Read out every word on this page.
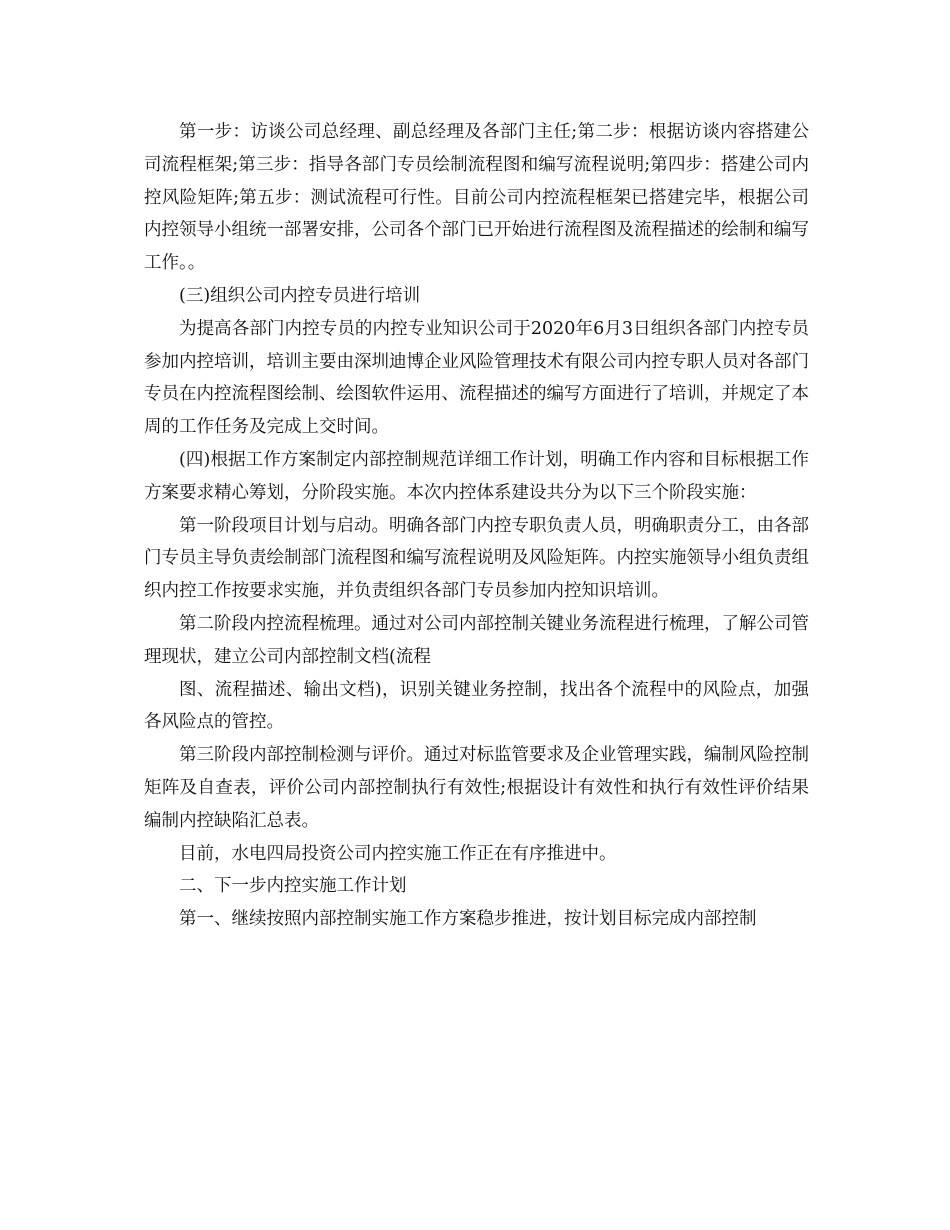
第一步：访谈公司总经理、副总经理及各部门主任;第二步：根据访谈内容搭建公司流程框架;第三步：指导各部门专员绘制流程图和编写流程说明;第四步：搭建公司内控风险矩阵;第五步：测试流程可行性。目前公司内控流程框架已搭建完毕，根据公司内控领导小组统一部署安排，公司各个部门已开始进行流程图及流程描述的绘制和编写工作。。

(三)组织公司内控专员进行培训

为提高各部门内控专员的内控专业知识公司于2020年6月3日组织各部门内控专员参加内控培训，培训主要由深圳迪博企业风险管理技术有限公司内控专职人员对各部门专员在内控流程图绘制、绘图软件运用、流程描述的编写方面进行了培训，并规定了本周的工作任务及完成上交时间。

(四)根据工作方案制定内部控制规范详细工作计划，明确工作内容和目标根据工作方案要求精心筹划，分阶段实施。本次内控体系建设共分为以下三个阶段实施：

第一阶段项目计划与启动。明确各部门内控专职负责人员，明确职责分工，由各部门专员主导负责绘制部门流程图和编写流程说明及风险矩阵。内控实施领导小组负责组织内控工作按要求实施，并负责组织各部门专员参加内控知识培训。

第二阶段内控流程梳理。通过对公司内部控制关键业务流程进行梳理，了解公司管理现状，建立公司内部控制文档(流程

图、流程描述、输出文档)，识别关键业务控制，找出各个流程中的风险点，加强各风险点的管控。

第三阶段内部控制检测与评价。通过对标监管要求及企业管理实践，编制风险控制矩阵及自查表，评价公司内部控制执行有效性;根据设计有效性和执行有效性评价结果编制内控缺陷汇总表。

目前，水电四局投资公司内控实施工作正在有序推进中。

二、下一步内控实施工作计划

第一、继续按照内部控制实施工作方案稳步推进，按计划目标完成内部控制
